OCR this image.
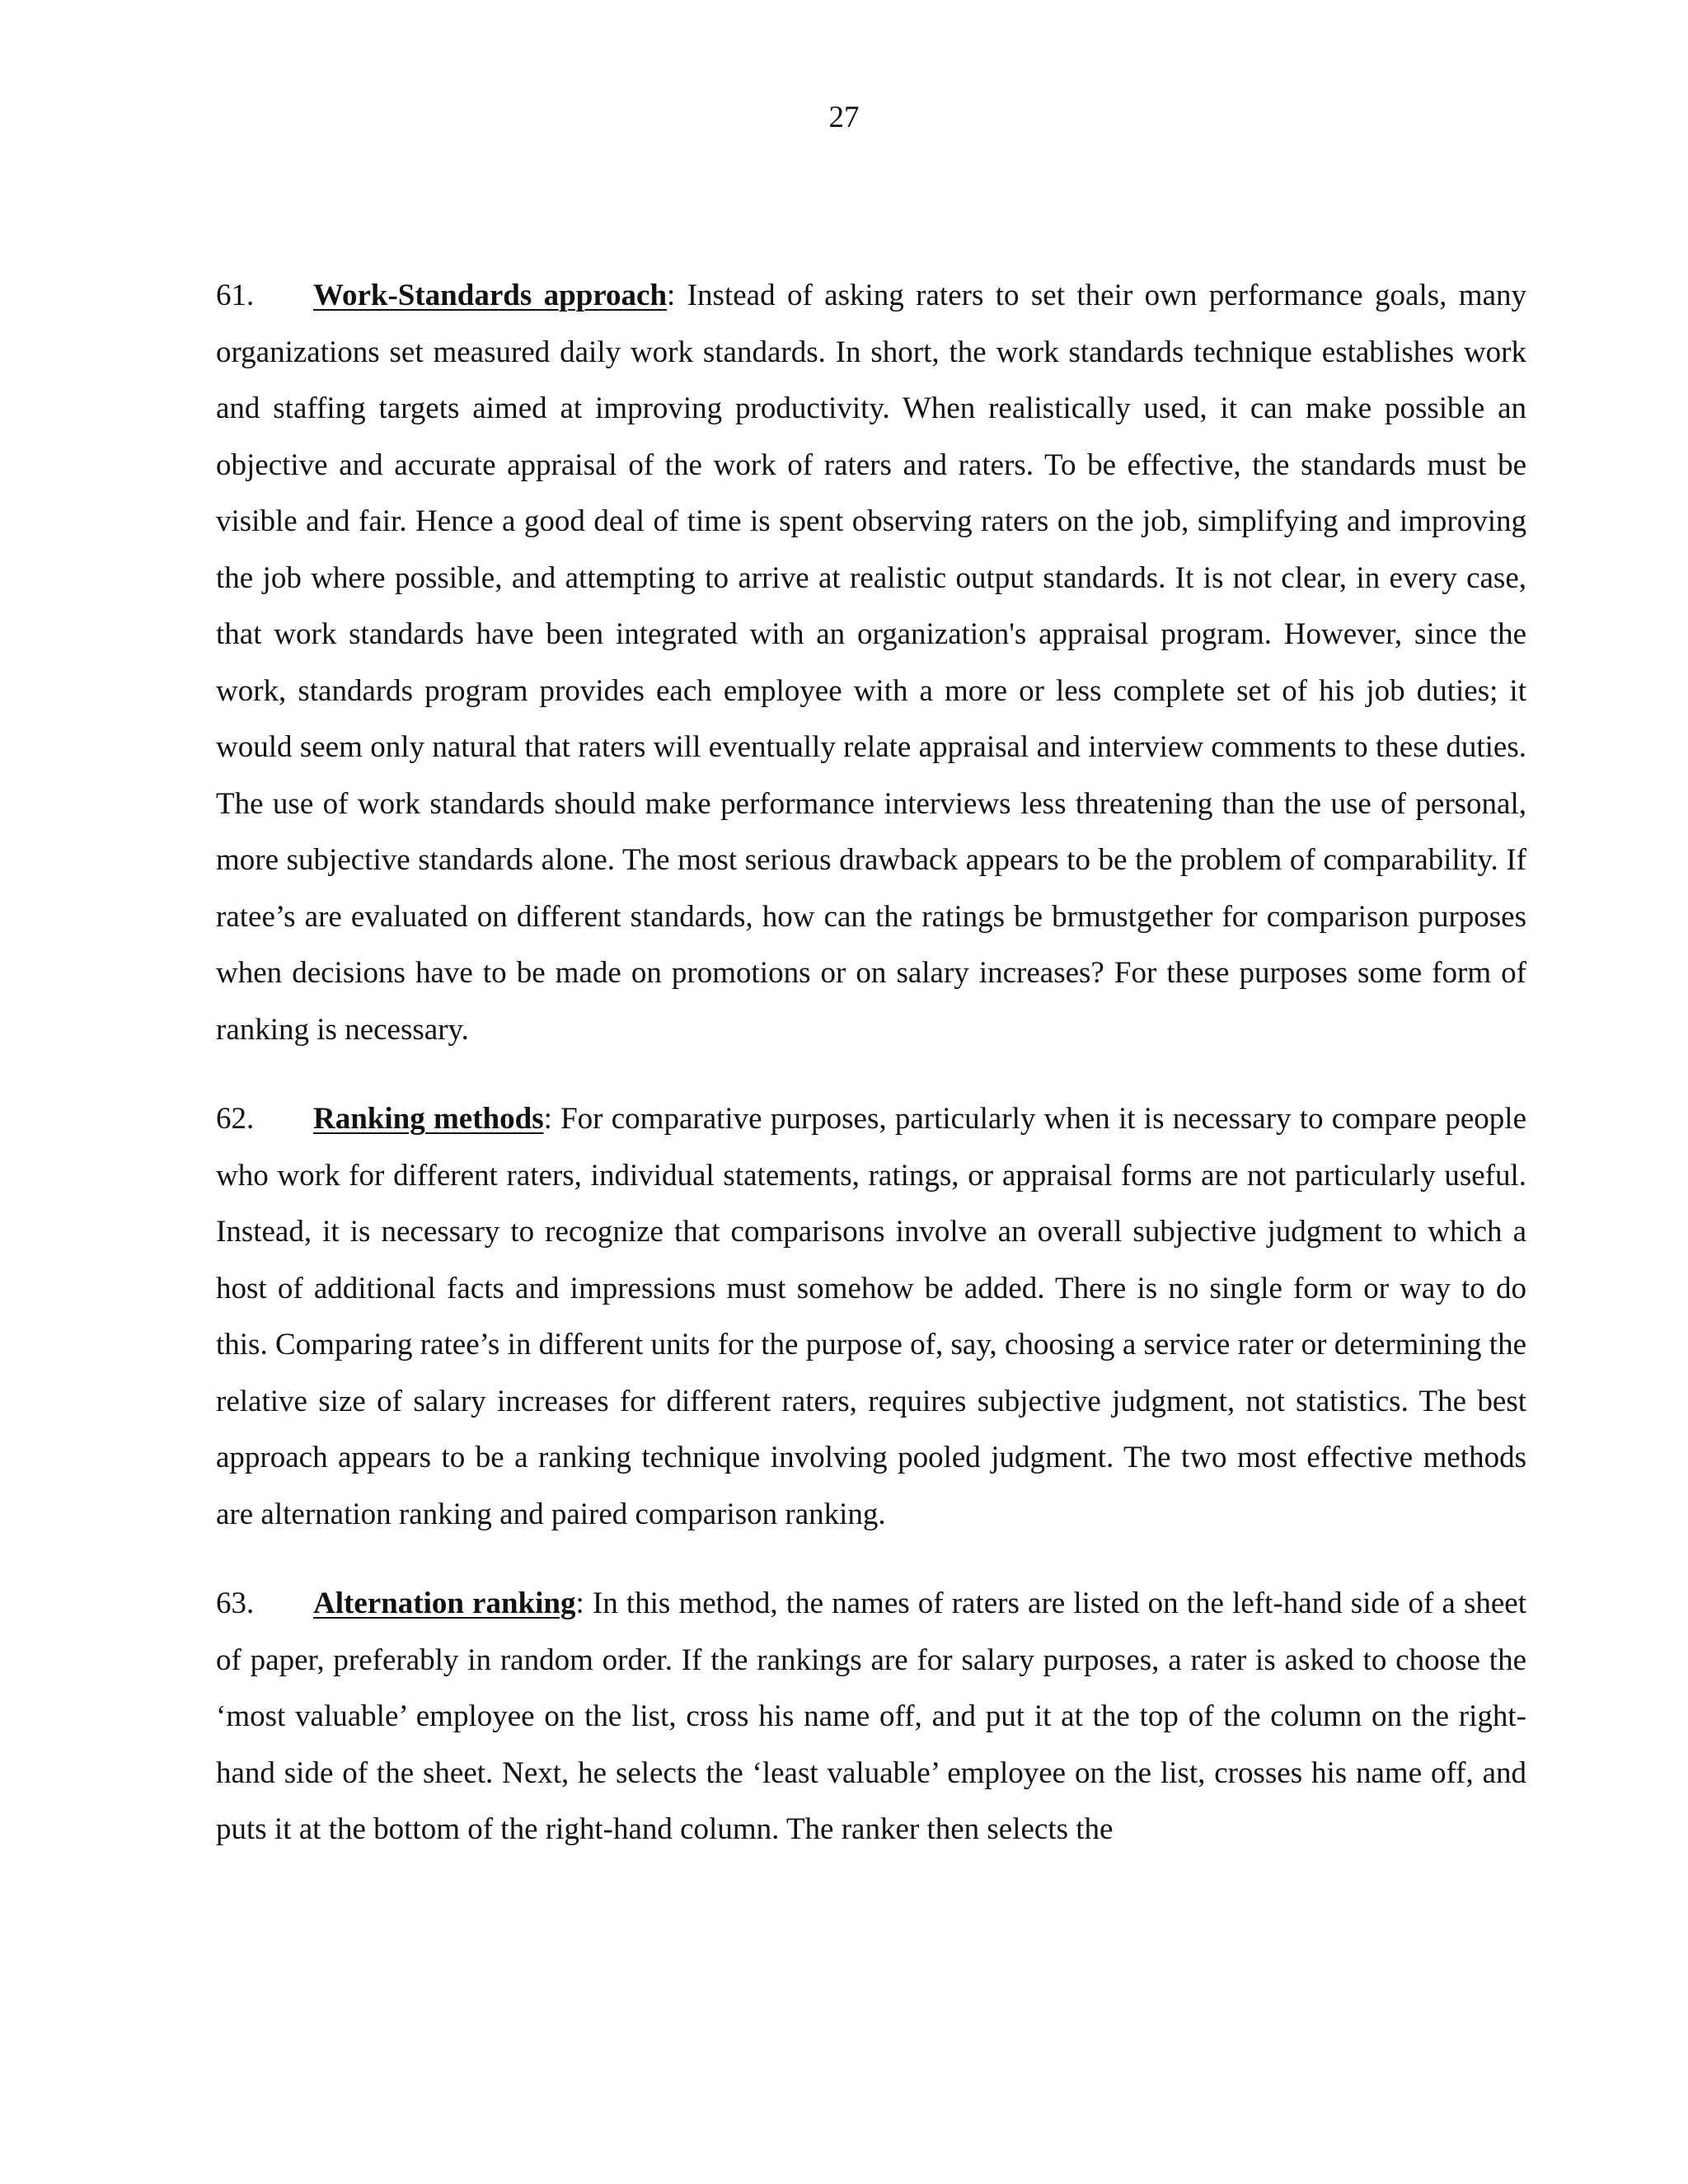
27

61. Work-Standards approach: Instead of asking raters to set their own performance goals, many organizations set measured daily work standards. In short, the work standards technique establishes work and staffing targets aimed at improving productivity. When realistically used, it can make possible an objective and accurate appraisal of the work of raters and raters. To be effective, the standards must be visible and fair. Hence a good deal of time is spent observing raters on the job, simplifying and improving the job where possible, and attempting to arrive at realistic output standards. It is not clear, in every case, that work standards have been integrated with an organization's appraisal program. However, since the work, standards program provides each employee with a more or less complete set of his job duties; it would seem only natural that raters will eventually relate appraisal and interview comments to these duties. The use of work standards should make performance interviews less threatening than the use of personal, more subjective standards alone. The most serious drawback appears to be the problem of comparability. If ratee’s are evaluated on different standards, how can the ratings be brmustgether for comparison purposes when decisions have to be made on promotions or on salary increases? For these purposes some form of ranking is necessary.

62. Ranking methods: For comparative purposes, particularly when it is necessary to compare people who work for different raters, individual statements, ratings, or appraisal forms are not particularly useful. Instead, it is necessary to recognize that comparisons involve an overall subjective judgment to which a host of additional facts and impressions must somehow be added. There is no single form or way to do this. Comparing ratee’s in different units for the purpose of, say, choosing a service rater or determining the relative size of salary increases for different raters, requires subjective judgment, not statistics. The best approach appears to be a ranking technique involving pooled judgment. The two most effective methods are alternation ranking and paired comparison ranking.

63. Alternation ranking: In this method, the names of raters are listed on the left-hand side of a sheet of paper, preferably in random order. If the rankings are for salary purposes, a rater is asked to choose the ‘most valuable’ employee on the list, cross his name off, and put it at the top of the column on the right-hand side of the sheet. Next, he selects the ‘least valuable’ employee on the list, crosses his name off, and puts it at the bottom of the right-hand column. The ranker then selects the
